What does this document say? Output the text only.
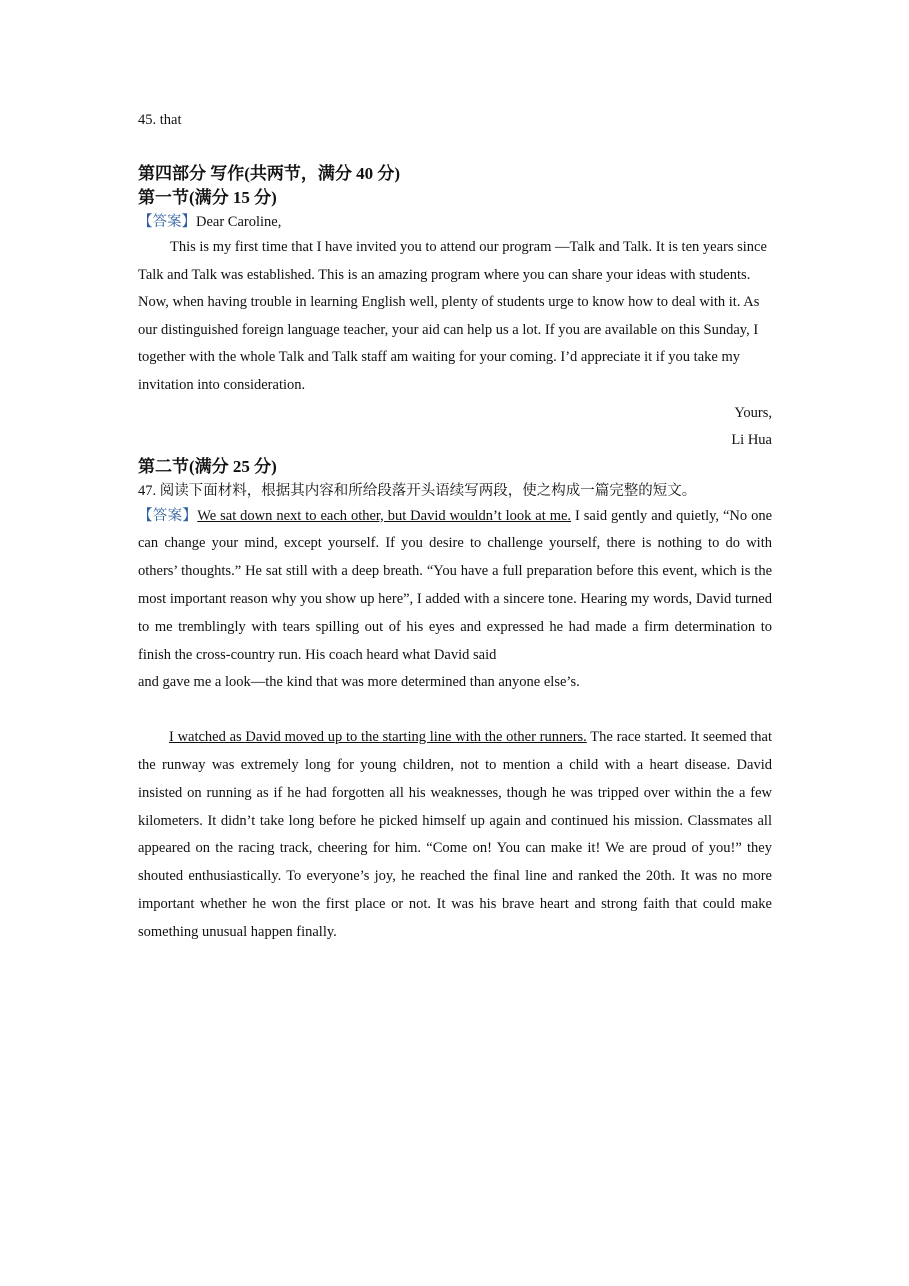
45. that

第四部分 写作(共两节，满分 40 分)

第一节(满分 15 分)

【答案】Dear Caroline,

This is my first time that I have invited you to attend our program —Talk and Talk. It is ten years since Talk and Talk was established. This is an amazing program where you can share your ideas with students. Now, when having trouble in learning English well, plenty of students urge to know how to deal with it. As our distinguished foreign language teacher, your aid can help us a lot. If you are available on this Sunday, I together with the whole Talk and Talk staff am waiting for your coming. I’d appreciate it if you take my invitation into consideration.

Yours,

Li Hua

第二节(满分 25 分)

47. 阅读下面材料，根据其内容和所给段落开头语续写两段，使之构成一篇完整的短文。

【答案】We sat down next to each other, but David wouldn’t look at me. I said gently and quietly, “No one can change your mind, except yourself. If you desire to challenge yourself, there is nothing to do with others’ thoughts.” He sat still with a deep breath. “You have a full preparation before this event, which is the most important reason why you show up here”, I added with a sincere tone. Hearing my words, David turned to me tremblingly with tears spilling out of his eyes and expressed he had made a firm determination to finish the cross-country run. His coach heard what David said

and gave me a look—the kind that was more determined than anyone else’s.

I watched as David moved up to the starting line with the other runners. The race started. It seemed that the runway was extremely long for young children, not to mention a child with a heart disease. David insisted on running as if he had forgotten all his weaknesses, though he was tripped over within the a few kilometers. It didn’t take long before he picked himself up again and continued his mission. Classmates all appeared on the racing track, cheering for him. “Come on! You can make it! We are proud of you!” they shouted enthusiastically. To everyone’s joy, he reached the final line and ranked the 20th. It was no more important whether he won the first place or not. It was his brave heart and strong faith that could make something unusual happen finally.
